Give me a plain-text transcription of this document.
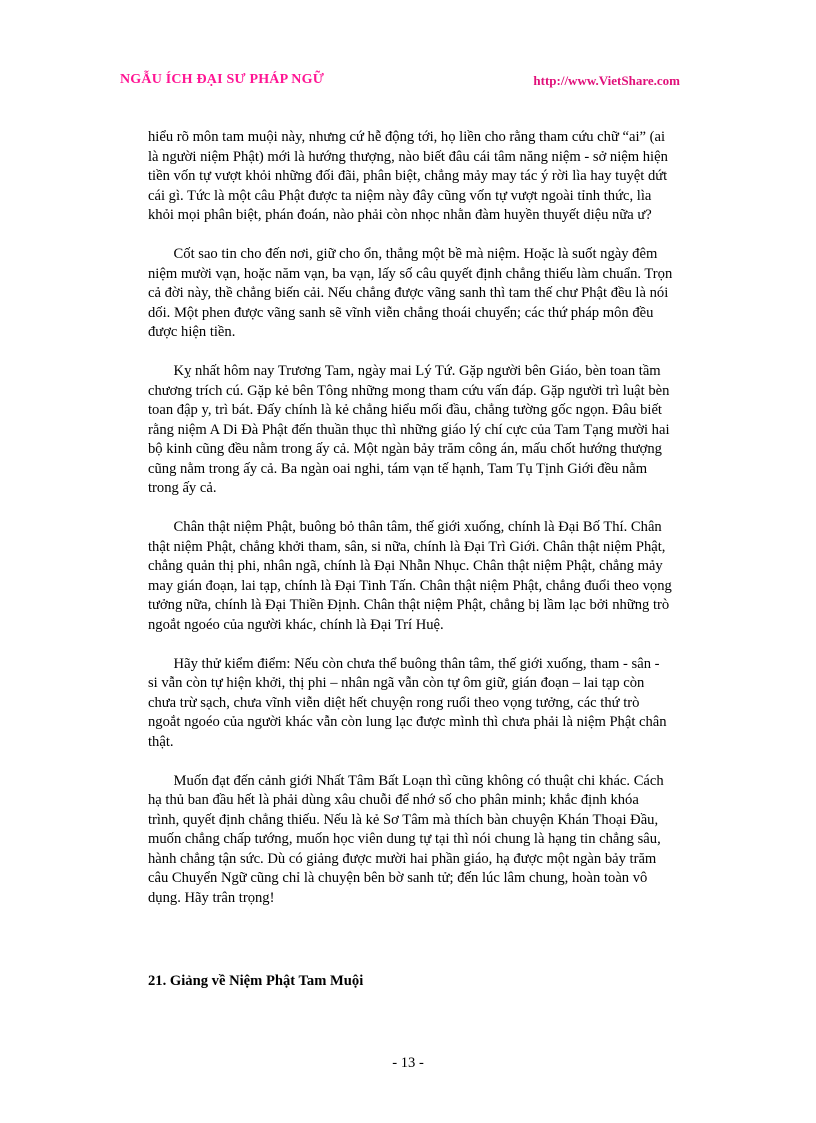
NGẪU ÍCH ĐẠI SƯ PHÁP NGỮ	http://www.VietShare.com

hiểu rõ môn tam muội này, nhưng cứ hễ động tới, họ liền cho rằng tham cứu chữ “ai” (ai
là người niệm Phật) mới là hướng thượng, nào biết đâu cái tâm năng niệm - sở niệm hiện
tiền vốn tự vượt khỏi những đối đãi, phân biệt, chẳng mảy may tác ý rời lìa hay tuyệt dứt
cái gì. Tức là một câu Phật được ta niệm này đây cũng vốn tự vượt ngoài tỉnh thức, lìa
khỏi mọi phân biệt, phán đoán, nào phải còn nhọc nhằn đàm huyền thuyết diệu nữa ư?

Cốt sao tin cho đến nơi, giữ cho ổn, thẳng một bề mà niệm. Hoặc là suốt ngày đêm
niệm mười vạn, hoặc năm vạn, ba vạn, lấy số câu quyết định chẳng thiếu làm chuẩn. Trọn
cả đời này, thề chẳng biến cải. Nếu chẳng được vãng sanh thì tam thế chư Phật đều là nói
dối. Một phen được vãng sanh sẽ vĩnh viễn chẳng thoái chuyển; các thứ pháp môn đều
được hiện tiền.

Kỵ nhất hôm nay Trương Tam, ngày mai Lý Tứ. Gặp người bên Giáo, bèn toan tầm
chương trích cú. Gặp kẻ bên Tông những mong tham cứu vấn đáp. Gặp người trì luật bèn
toan đập y, trì bát. Đấy chính là kẻ chẳng hiểu mối đầu, chẳng tường gốc ngọn. Đâu biết
rằng niệm A Di Đà Phật đến thuần thục thì những giáo lý chí cực của Tam Tạng mười hai
bộ kinh cũng đều nằm trong ấy cả. Một ngàn bảy trăm công án, mấu chốt hướng thượng
cũng nằm trong ấy cả. Ba ngàn oai nghi, tám vạn tế hạnh, Tam Tụ Tịnh Giới đều nằm
trong ấy cả.

Chân thật niệm Phật, buông bỏ thân tâm, thế giới xuống, chính là Đại Bố Thí. Chân
thật niệm Phật, chẳng khởi tham, sân, si nữa, chính là Đại Trì Giới. Chân thật niệm Phật,
chẳng quản thị phi, nhân ngã, chính là Đại Nhẫn Nhục. Chân thật niệm Phật, chẳng mảy
may gián đoạn, lai tạp, chính là Đại Tinh Tấn. Chân thật niệm Phật, chẳng đuổi theo vọng
tưởng nữa, chính là Đại Thiền Định. Chân thật niệm Phật, chẳng bị lầm lạc bởi những trò
ngoắt ngoéo của người khác, chính là Đại Trí Huệ.

Hãy thử kiểm điểm: Nếu còn chưa thể buông thân tâm, thế giới xuống, tham - sân -
si vẫn còn tự hiện khởi, thị phi – nhân ngã vẫn còn tự ôm giữ, gián đoạn – lai tạp còn
chưa trừ sạch, chưa vĩnh viễn diệt hết chuyện rong ruổi theo vọng tưởng, các thứ trò
ngoắt ngoéo của người khác vẫn còn lung lạc được mình thì chưa phải là niệm Phật chân
thật.

Muốn đạt đến cảnh giới Nhất Tâm Bất Loạn thì cũng không có thuật chi khác. Cách
hạ thủ ban đầu hết là phải dùng xâu chuỗi để nhớ số cho phân minh; khắc định khóa
trình, quyết định chẳng thiếu. Nếu là kẻ Sơ Tâm mà thích bàn chuyện Khán Thoại Đầu,
muốn chẳng chấp tướng, muốn học viên dung tự tại thì nói chung là hạng tin chẳng sâu,
hành chẳng tận sức. Dù có giảng được mười hai phần giáo, hạ được một ngàn bảy trăm
câu Chuyển Ngữ cũng chỉ là chuyện bên bờ sanh tử; đến lúc lâm chung, hoàn toàn vô
dụng. Hãy trân trọng!

21. Giảng về Niệm Phật Tam Muội
- 13 -
